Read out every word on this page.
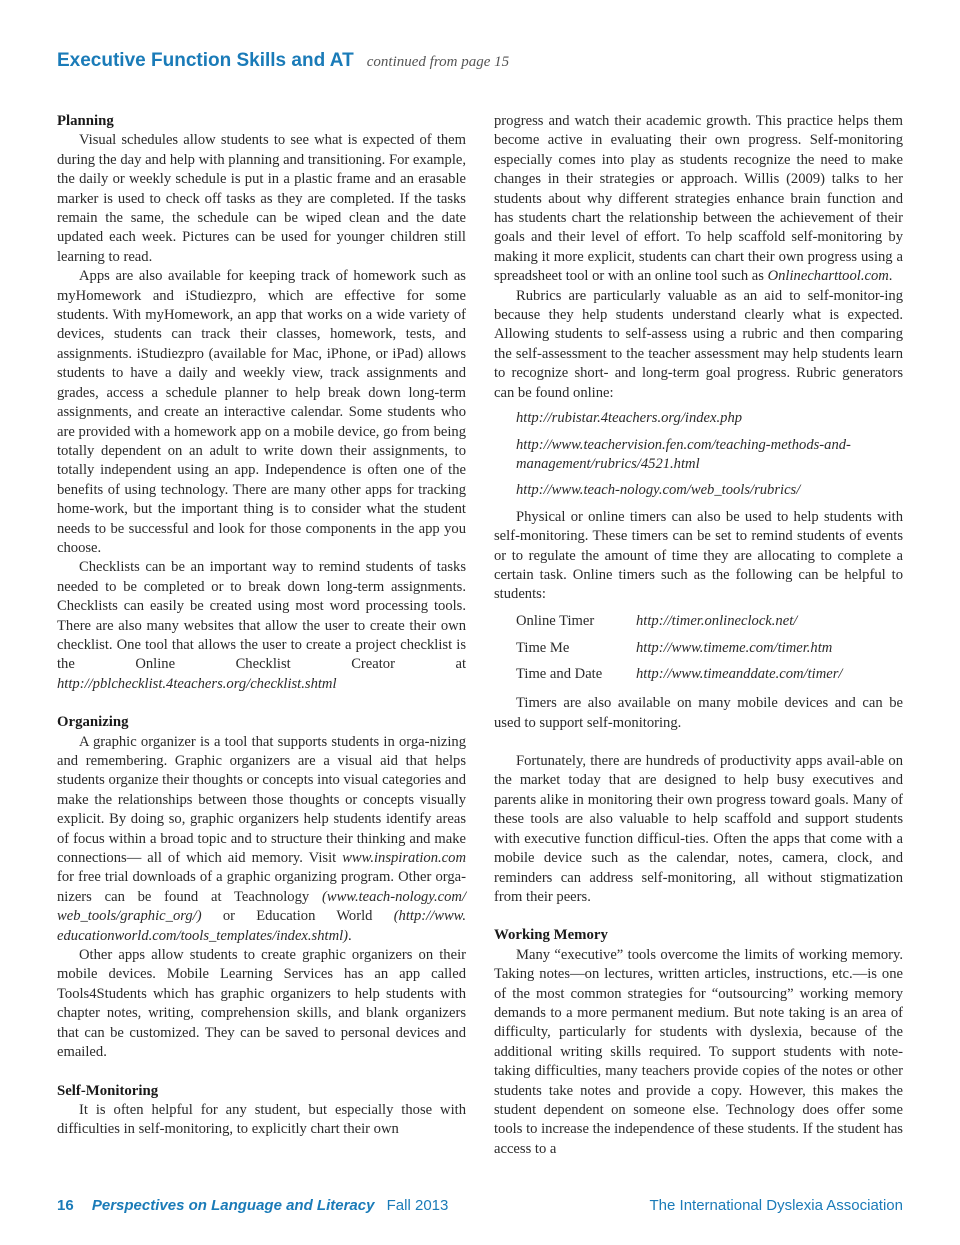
Executive Function Skills and AT continued from page 15
Planning

Visual schedules allow students to see what is expected of them during the day and help with planning and transitioning. For example, the daily or weekly schedule is put in a plastic frame and an erasable marker is used to check off tasks as they are completed. If the tasks remain the same, the schedule can be wiped clean and the date updated each week. Pictures can be used for younger children still learning to read.

Apps are also available for keeping track of homework such as myHomework and iStudiezpro, which are effective for some students. With myHomework, an app that works on a wide variety of devices, students can track their classes, homework, tests, and assignments. iStudiezpro (available for Mac, iPhone, or iPad) allows students to have a daily and weekly view, track assignments and grades, access a schedule planner to help break down long-term assignments, and create an interactive calendar. Some students who are provided with a homework app on a mobile device, go from being totally dependent on an adult to write down their assignments, to totally independent using an app. Independence is often one of the benefits of using technology. There are many other apps for tracking home-work, but the important thing is to consider what the student needs to be successful and look for those components in the app you choose.

Checklists can be an important way to remind students of tasks needed to be completed or to break down long-term assignments. Checklists can easily be created using most word processing tools. There are also many websites that allow the user to create their own checklist. One tool that allows the user to create a project checklist is the Online Checklist Creator at http://pblchecklist.4teachers.org/checklist.shtml

Organizing

A graphic organizer is a tool that supports students in orga-nizing and remembering. Graphic organizers are a visual aid that helps students organize their thoughts or concepts into visual categories and make the relationships between those thoughts or concepts visually explicit. By doing so, graphic organizers help students identify areas of focus within a broad topic and to structure their thinking and make connections— all of which aid memory. Visit www.inspiration.com for free trial downloads of a graphic organizing program. Other orga-nizers can be found at Teachnology (www.teach-nology.com/ web_tools/graphic_org/) or Education World (http://www. educationworld.com/tools_templates/index.shtml).

Other apps allow students to create graphic organizers on their mobile devices. Mobile Learning Services has an app called Tools4Students which has graphic organizers to help students with chapter notes, writing, comprehension skills, and blank organizers that can be customized. They can be saved to personal devices and emailed.

Self-Monitoring

It is often helpful for any student, but especially those with difficulties in self-monitoring, to explicitly chart their own

progress and watch their academic growth. This practice helps them become active in evaluating their own progress. Self-monitoring especially comes into play as students recognize the need to make changes in their strategies or approach. Willis (2009) talks to her students about why different strategies enhance brain function and has students chart the relationship between the achievement of their goals and their level of effort. To help scaffold self-monitoring by making it more explicit, students can chart their own progress using a spreadsheet tool or with an online tool such as Onlinecharttool.com.

Rubrics are particularly valuable as an aid to self-monitor-ing because they help students understand clearly what is expected. Allowing students to self-assess using a rubric and then comparing the self-assessment to the teacher assessment may help students learn to recognize short- and long-term goal progress. Rubric generators can be found online:

http://rubistar.4teachers.org/index.php
http://www.teachervision.fen.com/teaching-methods-and-management/rubrics/4521.html
http://www.teach-nology.com/web_tools/rubrics/

Physical or online timers can also be used to help students with self-monitoring. These timers can be set to remind students of events or to regulate the amount of time they are allocating to complete a certain task. Online timers such as the following can be helpful to students:

Online Timer	http://timer.onlineclock.net/
Time Me	http://www.timeme.com/timer.htm
Time and Date	http://www.timeanddate.com/timer/

Timers are also available on many mobile devices and can be used to support self-monitoring.

Fortunately, there are hundreds of productivity apps avail-able on the market today that are designed to help busy executives and parents alike in monitoring their own progress toward goals. Many of these tools are also valuable to help scaffold and support students with executive function difficul-ties. Often the apps that come with a mobile device such as the calendar, notes, camera, clock, and reminders can address self-monitoring, all without stigmatization from their peers.

Working Memory

Many “executive” tools overcome the limits of working memory. Taking notes—on lectures, written articles, instructions, etc.—is one of the most common strategies for “outsourcing” working memory demands to a more permanent medium. But note taking is an area of difficulty, particularly for students with dyslexia, because of the additional writing skills required. To support students with note-taking difficulties, many teachers provide copies of the notes or other students take notes and provide a copy. However, this makes the student dependent on someone else. Technology does offer some tools to increase the independence of these students. If the student has access to a

16 Perspectives on Language and Literacy Fall 2013	The International Dyslexia Association
